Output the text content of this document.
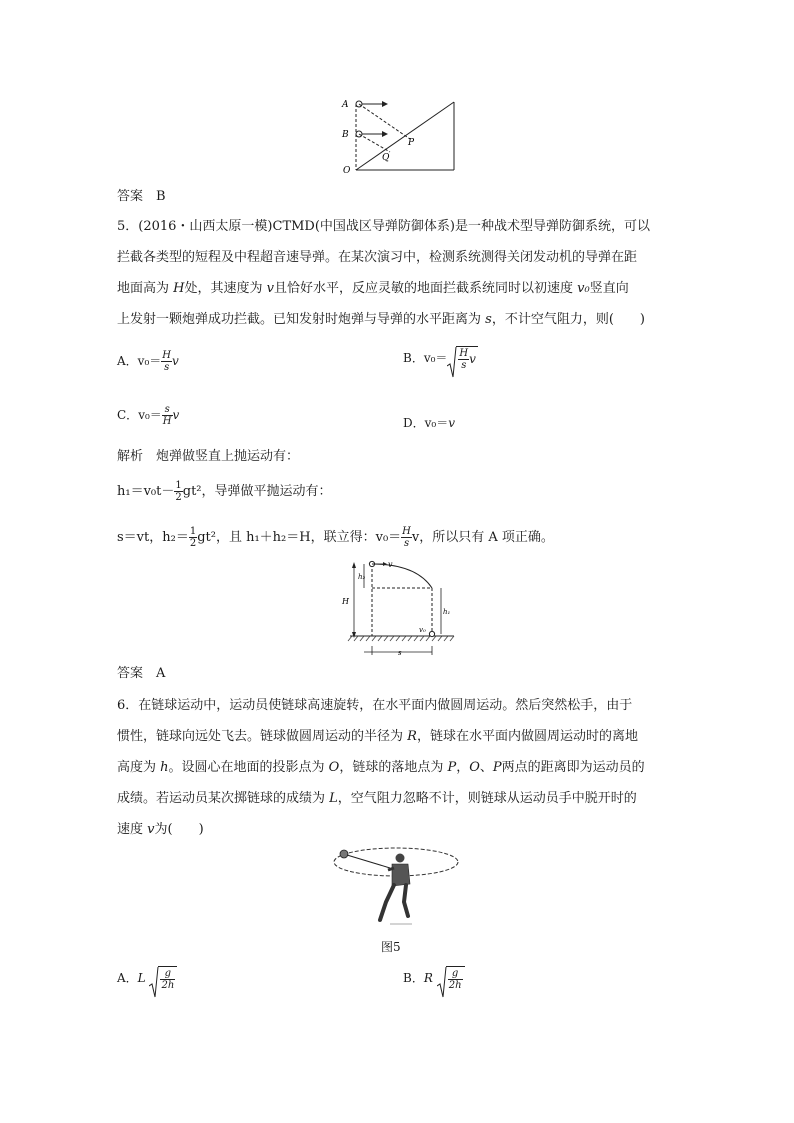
A
B
O
P
Q
答案　 B
5．(2016・山西太原一模)CTMD(中国战区导弹防御体系)是一种战术型导弹防御系统，可以
拦截各类型的短程及中程超音速导弹。在某次演习中，检测系统测得关闭发动机的导弹在距
地面高为 H处，其速度为 v且恰好水平，反应灵敏的地面拦截系统同时以初速度 v₀竖直向
上发射一颗炮弹成功拦截。已知发射时炮弹与导弹的水平距离为 s，不计空气阻力，则(　　 )
A．$v_0= \frac{H}{s}$ v	B．$v_0= \frac{H}{s}$ v
C．$v_0= \frac{s}{H}$ v
D．v₀＝v
解析　炮弹做竖直上抛运动有：
$h_1=v_0t- \frac{1}{2} gt^2$，导弹做平抛运动有：
s＝vt，$h_2= \frac{1}{2} gt^2$，且 h₁＋h₂＝H，联立得：$v_0= \frac{H}{s}$ v，所以只有 A 项正确。
v
h₂
H
h₁
v₀
s
答案　 A
6．在链球运动中，运动员使链球高速旋转，在水平面内做圆周运动。然后突然松手，由于
惯性，链球向远处飞去。链球做圆周运动的半径为 R，链球在水平面内做圆周运动时的离地
高度为 h。设圆心在地面的投影点为 O，链球的落地点为 P，O、P两点的距离即为运动员的
成绩。若运动员某次掷链球的成绩为 L，空气阻力忽略不计，则链球从运动员手中脱开时的
速度 v为(　　)
图5
A．L $\frac{g}{2h}$	B．R $\frac{g}{2h}$
